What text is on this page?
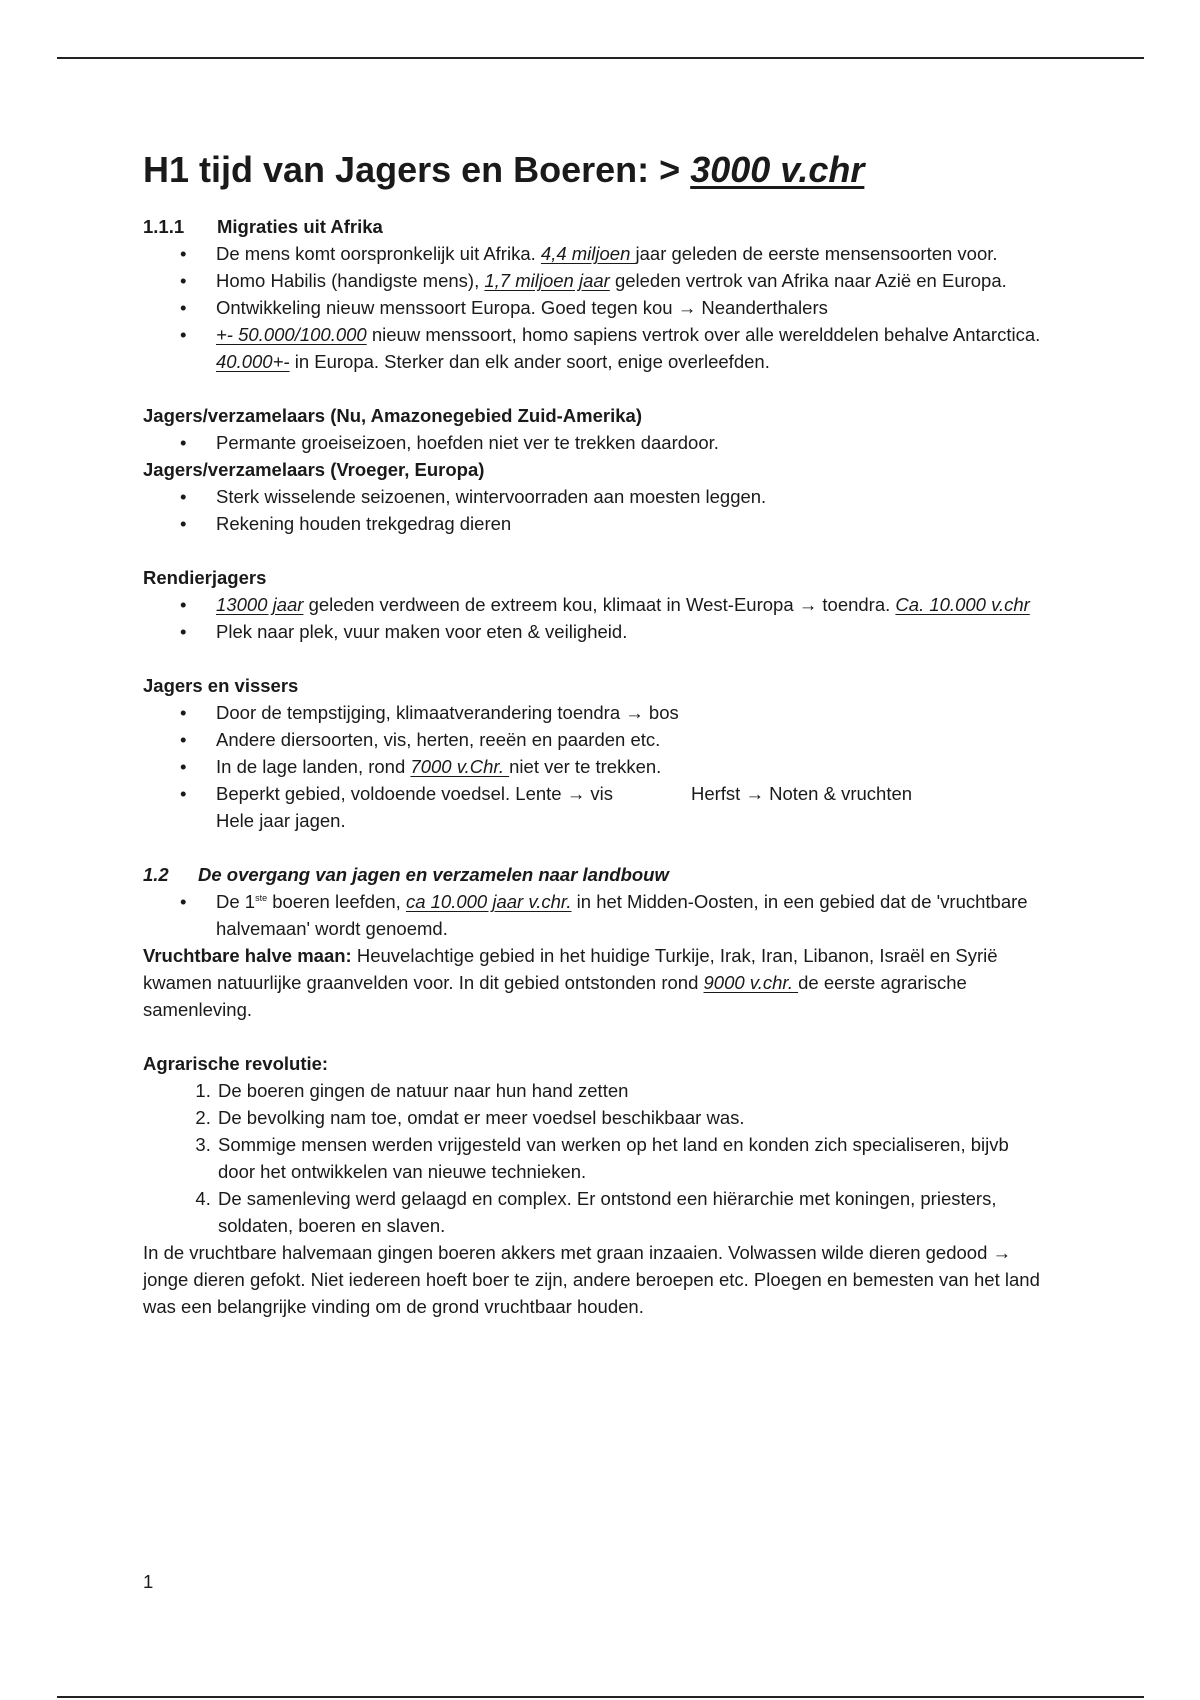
H1 tijd van Jagers en Boeren: > 3000 v.chr

1.1.1 Migraties uit Afrika

• De mens komt oorspronkelijk uit Afrika. 4,4 miljoen jaar geleden de eerste mensensoorten voor.
• Homo Habilis (handigste mens), 1,7 miljoen jaar geleden vertrok van Afrika naar Azië en Europa.
• Ontwikkeling nieuw menssoort Europa. Goed tegen kou → Neanderthalers
• +- 50.000/100.000 nieuw menssoort, homo sapiens vertrok over alle werelddelen behalve Antarctica. 40.000+- in Europa. Sterker dan elk ander soort, enige overleefden.

Jagers/verzamelaars (Nu, Amazonegebied Zuid-Amerika)

• Permante groeiseizoen, hoefden niet ver te trekken daardoor.

Jagers/verzamelaars (Vroeger, Europa)

• Sterk wisselende seizoenen, wintervoorraden aan moesten leggen.
• Rekening houden trekgedrag dieren

Rendierjagers

• 13000 jaar geleden verdween de extreem kou, klimaat in West-Europa → toendra. Ca. 10.000 v.chr
• Plek naar plek, vuur maken voor eten & veiligheid.

Jagers en vissers

• Door de tempstijging, klimaatverandering toendra → bos
• Andere diersoorten, vis, herten, reeën en paarden etc.
• In de lage landen, rond 7000 v.Chr. niet ver te trekken.
• Beperkt gebied, voldoende voedsel. Lente → vis	Herfst → Noten & vruchten
Hele jaar jagen.

1.2 De overgang van jagen en verzamelen naar landbouw

• De 1ste boeren leefden, ca 10.000 jaar v.chr. in het Midden-Oosten, in een gebied dat de 'vruchtbare halvemaan' wordt genoemd.

Vruchtbare halve maan: Heuvelachtige gebied in het huidige Turkije, Irak, Iran, Libanon, Israël en Syrië kwamen natuurlijke graanvelden voor. In dit gebied ontstonden rond 9000 v.chr. de eerste agrarische samenleving.

Agrarische revolutie:

1. De boeren gingen de natuur naar hun hand zetten
2. De bevolking nam toe, omdat er meer voedsel beschikbaar was.
3. Sommige mensen werden vrijgesteld van werken op het land en konden zich specialiseren, bijvb door het ontwikkelen van nieuwe technieken.
4. De samenleving werd gelaagd en complex. Er ontstond een hiërarchie met koningen, priesters, soldaten, boeren en slaven.

In de vruchtbare halvemaan gingen boeren akkers met graan inzaaien. Volwassen wilde dieren gedood → jonge dieren gefokt. Niet iedereen hoeft boer te zijn, andere beroepen etc. Ploegen en bemesten van het land was een belangrijke vinding om de grond vruchtbaar houden.

1
